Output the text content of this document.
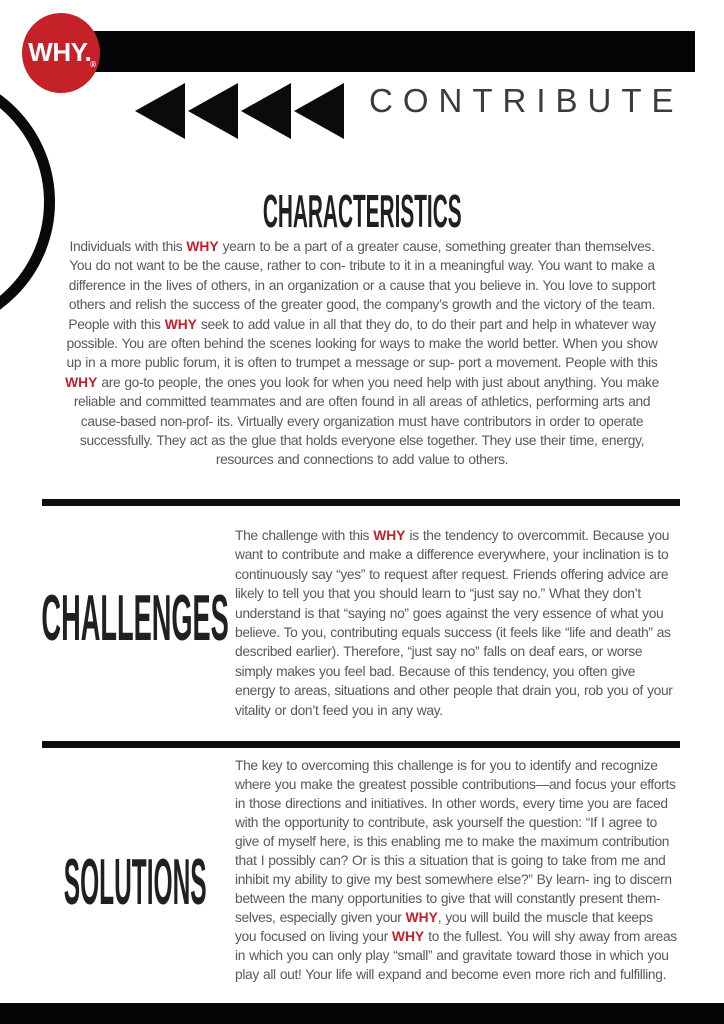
$WHY._®$
CONTRIBUTE
CHARACTERISTICS
Individuals with this WHY yearn to be a part of a greater cause, something greater than themselves. You do not want to be the cause, rather to con- tribute to it in a meaningful way. You want to make a difference in the lives of others, in an organization or a cause that you believe in. You love to support others and relish the success of the greater good, the company’s growth and the victory of the team. People with this WHY seek to add value in all that they do, to do their part and help in whatever way possible. You are often behind the scenes looking for ways to make the world better. When you show up in a more public forum, it is often to trumpet a message or sup- port a movement. People with this WHY are go-to people, the ones you look for when you need help with just about anything. You make reliable and committed teammates and are often found in all areas of athletics, performing arts and cause-based non-prof- its. Virtually every organization must have contributors in order to operate successfully. They act as the glue that holds everyone else together. They use their time, energy, resources and connections to add value to others.
CHALLENGES
The challenge with this WHY is the tendency to overcommit. Because you want to contribute and make a difference everywhere, your inclination is to continuously say “yes” to request after request. Friends offering advice are likely to tell you that you should learn to “just say no.” What they don’t understand is that “saying no” goes against the very essence of what you believe. To you, contributing equals success (it feels like “life and death” as described earlier). Therefore, “just say no” falls on deaf ears, or worse simply makes you feel bad. Because of this tendency, you often give energy to areas, situations and other people that drain you, rob you of your vitality or don’t feed you in any way.
SOLUTIONS
The key to overcoming this challenge is for you to identify and recognize where you make the greatest possible contributions—and focus your efforts in those directions and initiatives. In other words, every time you are faced with the opportunity to contribute, ask yourself the question: “If I agree to give of myself here, is this enabling me to make the maximum contribution that I possibly can? Or is this a situation that is going to take from me and inhibit my ability to give my best somewhere else?” By learn- ing to discern between the many opportunities to give that will constantly present them- selves, especially given your WHY, you will build the muscle that keeps you focused on living your WHY to the fullest. You will shy away from areas in which you can only play “small” and gravitate toward those in which you play all out! Your life will expand and become even more rich and fulfilling.
